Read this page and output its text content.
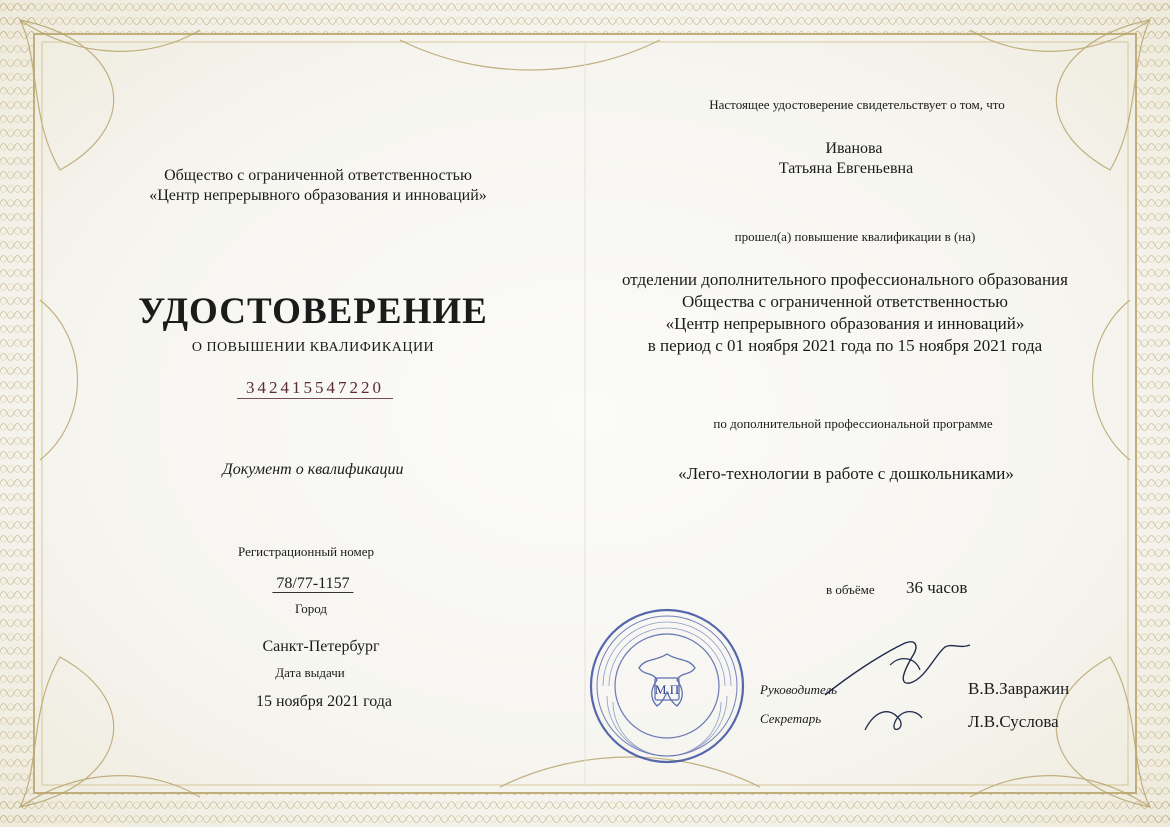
Общество с ограниченной ответственностью
«Центр непрерывного образования и инноваций»
УДОСТОВЕРЕНИЕ
О ПОВЫШЕНИИ КВАЛИФИКАЦИИ
342415547220
Документ о квалификации
Регистрационный номер
78/77-1157
Город
Санкт-Петербург
Дата выдачи
15 ноября 2021 года
Настоящее удостоверение свидетельствует о том, что
Иванова
Татьяна Евгеньевна
прошел(а) повышение квалификации в (на)
отделении дополнительного профессионального образования
Общества с ограниченной ответственностью
«Центр непрерывного образования и инноваций»
в период с 01 ноября 2021 года по 15 ноября 2021 года
по дополнительной профессиональной программе
«Лего-технологии в работе с дошкольниками»
в объёме 36 часов
Руководитель	В.В.Завражин
Секретарь	Л.В.Суслова
М.П
